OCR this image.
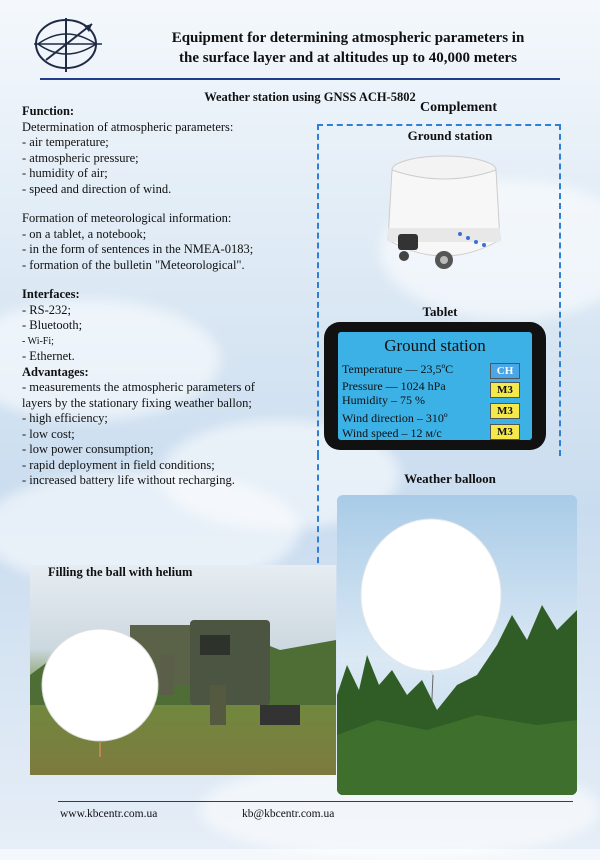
Equipment for determining atmospheric parameters in
the surface layer and at altitudes up to 40,000 meters
Weather station using GNSS ACH-5802
Complement
Function:
Determination of atmospheric parameters:
- air temperature;
- atmospheric pressure;
- humidity of air;
- speed and direction of wind.
Formation of meteorological information:
- on a tablet, a notebook;
- in the form of sentences in the NMEA-0183;
- formation of the bulletin "Meteorological".
Interfaces:
- RS-232;
- Bluetooth;
- Wi-Fi;
- Ethernet.
Advantages:
- measurements the atmospheric parameters of
layers by the stationary fixing weather ballon;
- high efficiency;
- low cost;
- low power consumption;
- rapid deployment in field conditions;
- increased battery life without recharging.
Ground station
Tablet
Ground station
Temperature — 23,5ºC	CH
Pressure — 1024 hPa	M3
Humidity – 75 %
Wind direction – 310º	M3
Wind speed – 12 м/с	M3
Weather balloon
Filling the ball with helium
www.kbcentr.com.ua	kb@kbcentr.com.ua
